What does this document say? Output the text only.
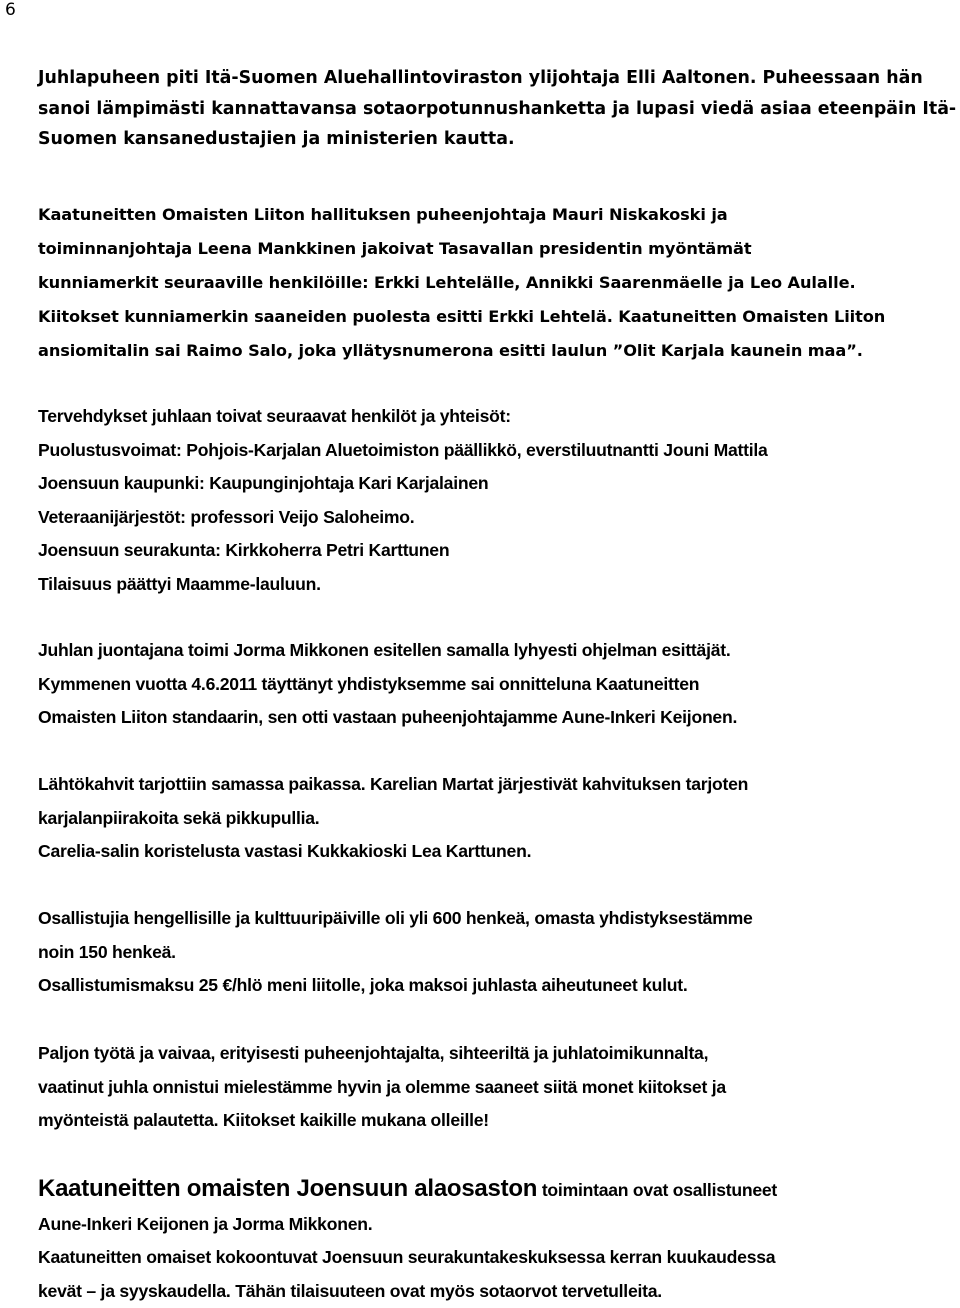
6

Juhlapuheen piti Itä-Suomen Aluehallintoviraston ylijohtaja Elli Aaltonen. Puheessaan hän

sanoi lämpimästi kannattavansa sotaorpotunnushanketta ja lupasi viedä asiaa eteenpäin Itä-

Suomen kansanedustajien ja ministerien kautta.

Kaatuneitten Omaisten Liiton hallituksen puheenjohtaja Mauri Niskakoski ja

toiminnanjohtaja Leena Mankkinen jakoivat Tasavallan presidentin myöntämät

kunniamerkit seuraaville henkilöille: Erkki Lehtelälle, Annikki Saarenmäelle ja Leo Aulalle.

Kiitokset kunniamerkin saaneiden puolesta esitti Erkki Lehtelä. Kaatuneitten Omaisten Liiton

ansiomitalin sai Raimo Salo, joka yllätysnumerona esitti laulun ”Olit Karjala kaunein maa”.

Tervehdykset juhlaan toivat seuraavat henkilöt ja yhteisöt:

Puolustusvoimat: Pohjois-Karjalan Aluetoimiston päällikkö, everstiluutnantti Jouni Mattila

Joensuun kaupunki: Kaupunginjohtaja Kari Karjalainen

Veteraanijärjestöt: professori Veijo Saloheimo.

Joensuun seurakunta: Kirkkoherra Petri Karttunen

Tilaisuus päättyi Maamme-lauluun.

Juhlan juontajana toimi Jorma Mikkonen esitellen samalla lyhyesti ohjelman esittäjät.

Kymmenen vuotta 4.6.2011 täyttänyt yhdistyksemme sai onnitteluna Kaatuneitten

Omaisten Liiton standaarin, sen otti vastaan puheenjohtajamme Aune-Inkeri Keijonen.

Lähtökahvit tarjottiin samassa paikassa. Karelian Martat järjestivät kahvituksen tarjoten

karjalanpiirakoita sekä pikkupullia.

Carelia-salin koristelusta vastasi Kukkakioski Lea Karttunen.

Osallistujia hengellisille ja kulttuuripäiville oli yli 600 henkeä, omasta yhdistyksestämme

noin 150 henkeä.

Osallistumismaksu 25 €/hlö meni liitolle, joka maksoi juhlasta aiheutuneet kulut.

Paljon työtä ja vaivaa, erityisesti puheenjohtajalta, sihteeriltä ja juhlatoimikunnalta,

vaatinut juhla onnistui mielestämme hyvin ja olemme saaneet siitä monet kiitokset ja

myönteistä palautetta. Kiitokset kaikille mukana olleille!

Kaatuneitten omaisten Joensuun alaosaston toimintaan ovat osallistuneet

Aune-Inkeri Keijonen ja Jorma Mikkonen.

Kaatuneitten omaiset kokoontuvat Joensuun seurakuntakeskuksessa kerran kuukaudessa

kevät – ja syyskaudella. Tähän tilaisuuteen ovat myös sotaorvot tervetulleita.
